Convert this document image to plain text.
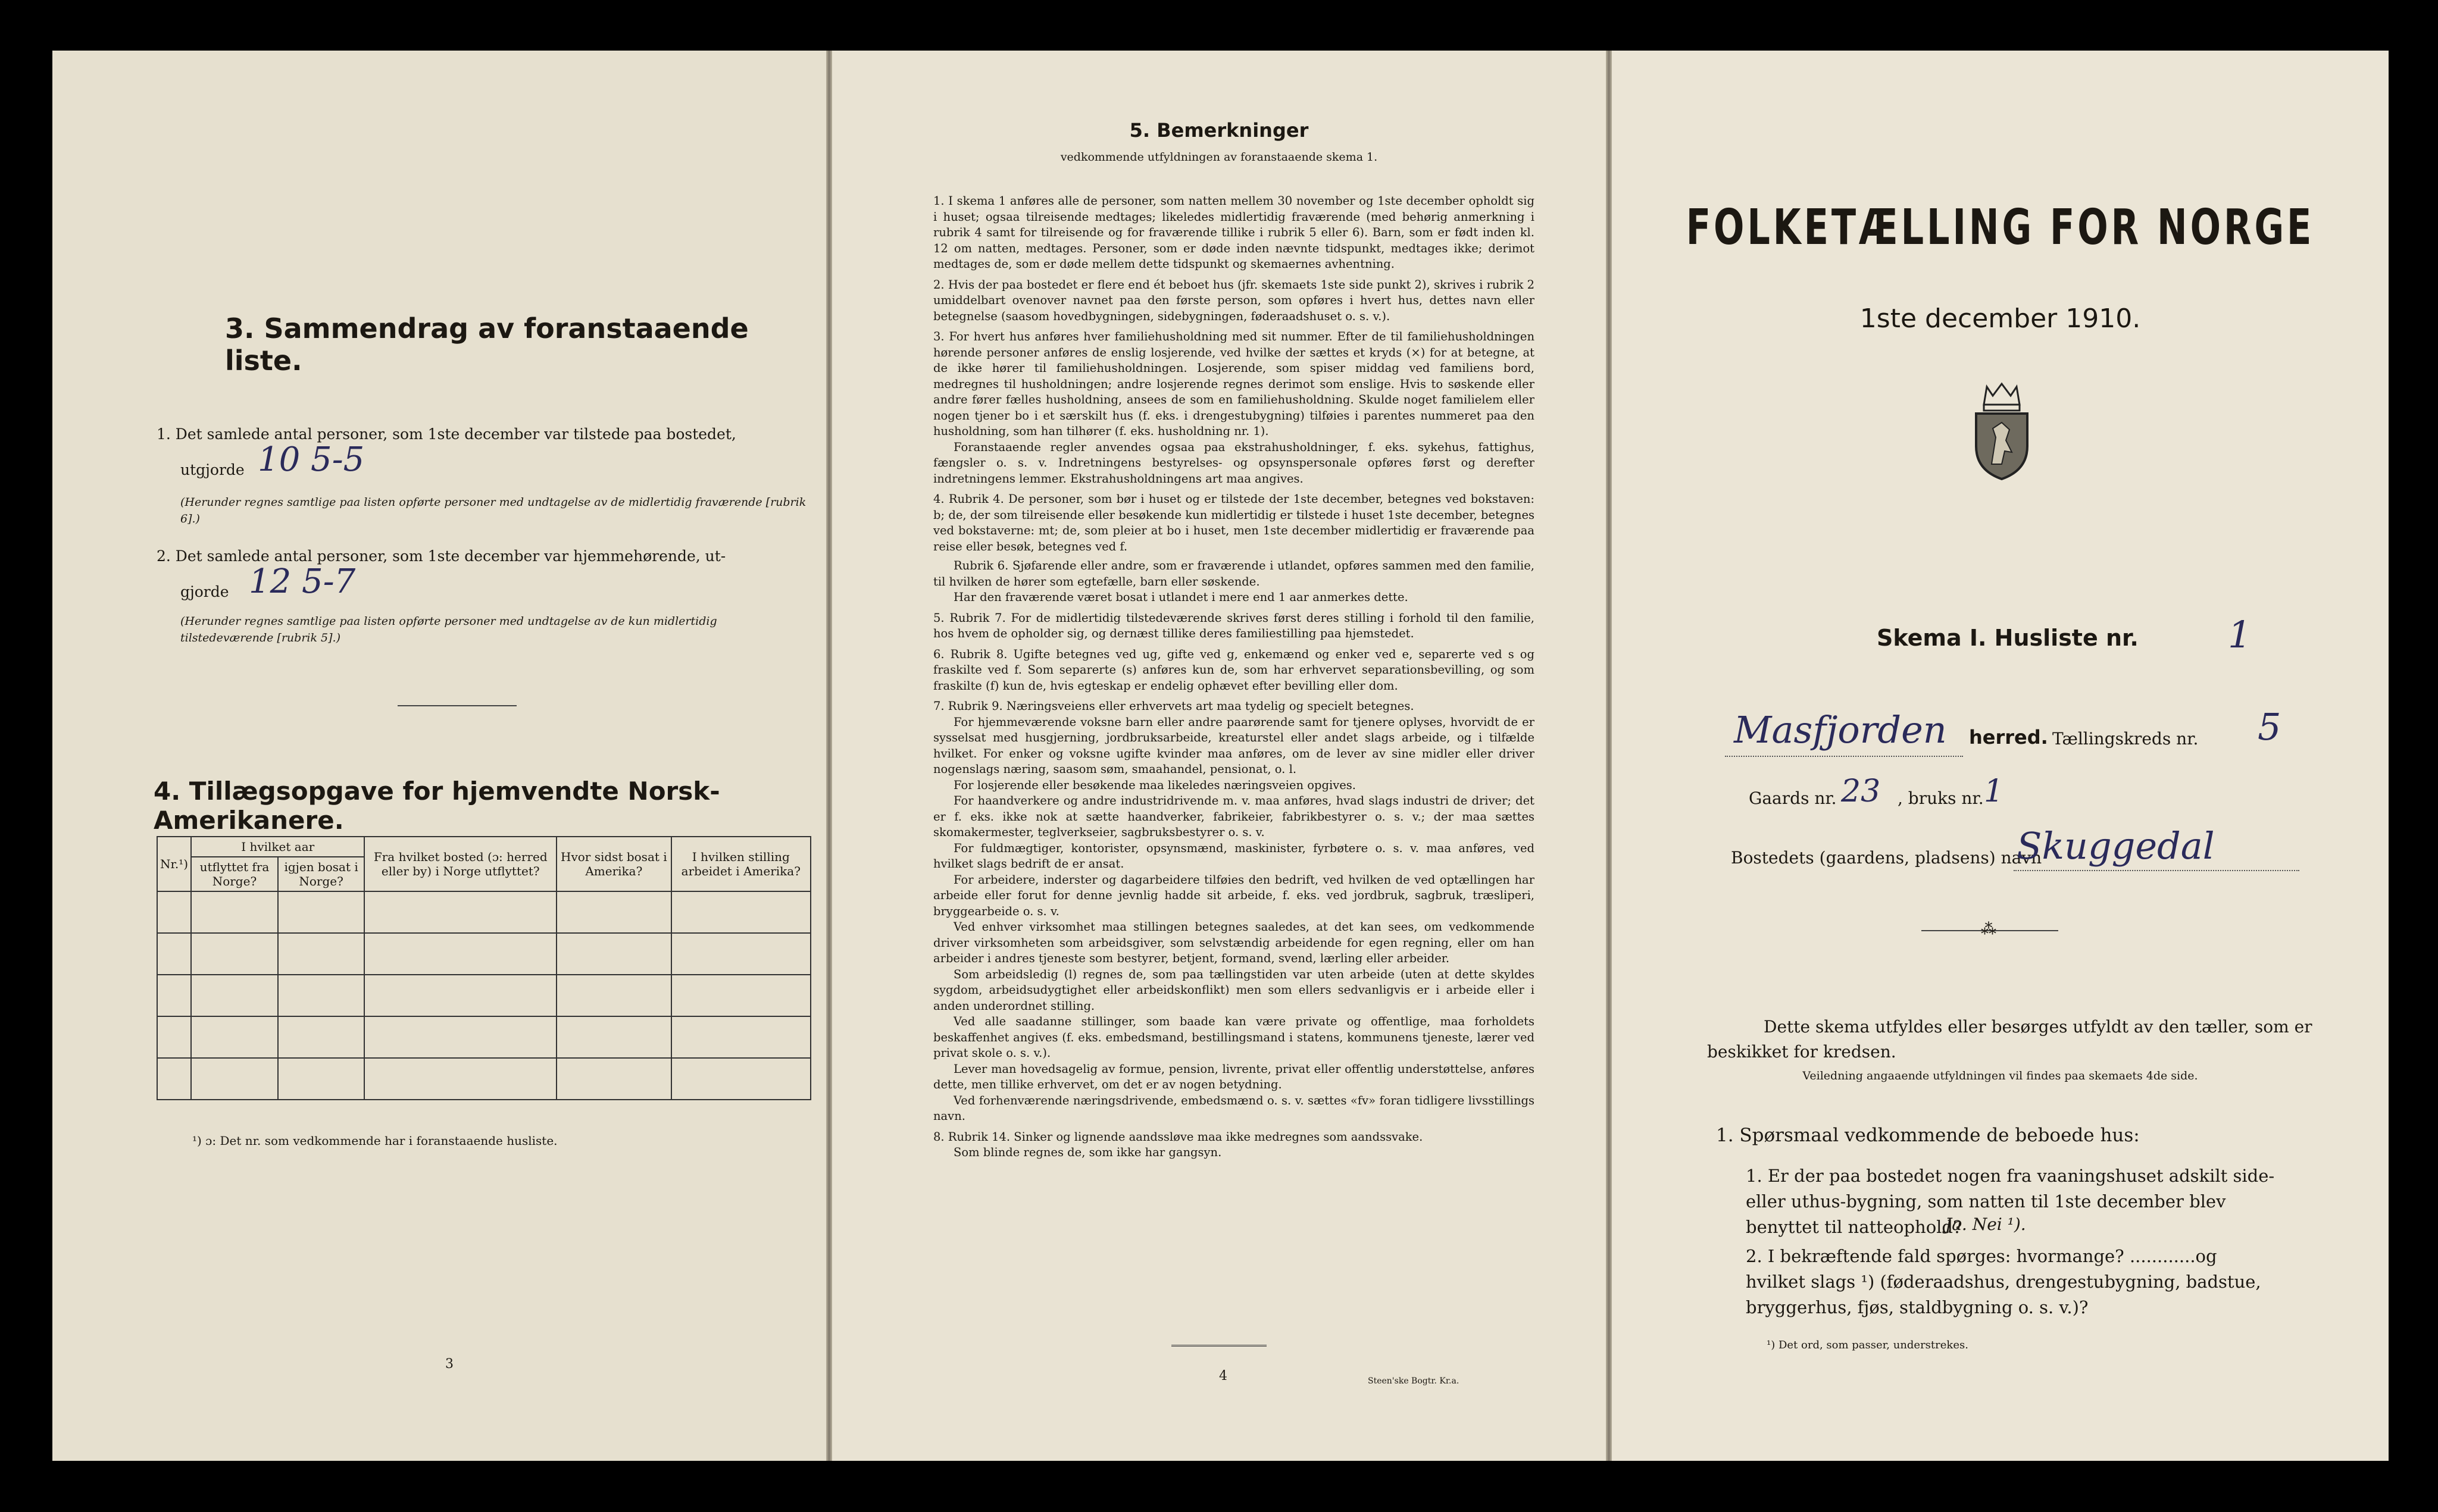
3. Sammendrag av foranstaaende liste.
1. Det samlede antal personer, som 1ste december var tilstede paa bostedet,
utgjorde 10 5-5
(Herunder regnes samtlige paa listen opførte personer med undtagelse av de midlertidig fraværende [rubrik 6].)
2. Det samlede antal personer, som 1ste december var hjemmehørende, ut-
gjorde 12 5-7
(Herunder regnes samtlige paa listen opførte personer med undtagelse av de kun midlertidig tilstedeværende [rubrik 5].)
4. Tillægsopgave for hjemvendte Norsk-Amerikanere.
Nr.¹)	I hvilket aar		Fra hvilket bosted (ɔ: herred eller by) i Norge utflyttet?	Hvor sidst bosat i Amerika?	I hvilken stilling arbeidet i Amerika?
	utflyttet fra Norge?	igjen bosat i Norge?			

¹) ɔ: Det nr. som vedkommende har i foranstaaende husliste.
3
5. Bemerkninger
vedkommende utfyldningen av foranstaaende skema 1.

1. I skema 1 anføres alle de personer, som natten mellem 30 november og 1ste december opholdt sig i huset; ogsaa tilreisende medtages; likeledes midlertidig fraværende (med behørig anmerkning i rubrik 4 samt for tilreisende og for fraværende tillike i rubrik 5 eller 6). Barn, som er født inden kl. 12 om natten, medtages. Personer, som er døde inden nævnte tidspunkt, medtages ikke; derimot medtages de, som er døde mellem dette tidspunkt og skemaernes avhentning.

2. Hvis der paa bostedet er flere end ét beboet hus (jfr. skemaets 1ste side punkt 2), skrives i rubrik 2 umiddelbart ovenover navnet paa den første person, som opføres i hvert hus, dettes navn eller betegnelse (saasom hovedbygningen, sidebygningen, føderaadshuset o. s. v.).

3. For hvert hus anføres hver familiehusholdning med sit nummer. Efter de til familiehusholdningen hørende personer anføres de enslig losjerende, ved hvilke der sættes et kryds (×) for at betegne, at de ikke hører til familiehusholdningen. Losjerende, som spiser middag ved familiens bord, medregnes til husholdningen; andre losjerende regnes derimot som enslige. Hvis to søskende eller andre fører fælles husholdning, ansees de som en familiehusholdning. Skulde noget familielem eller nogen tjener bo i et særskilt hus (f. eks. i drengestubygning) tilføies i parentes nummeret paa den husholdning, som han tilhører (f. eks. husholdning nr. 1).

Foranstaaende regler anvendes ogsaa paa ekstrahusholdninger, f. eks. sykehus, fattighus, fængsler o. s. v. Indretningens bestyrelses- og opsynspersonale opføres først og derefter indretningens lemmer. Ekstrahusholdningens art maa angives.

4. Rubrik 4. De personer, som bør i huset og er tilstede der 1ste december, betegnes ved bokstaven: b; de, der som tilreisende eller besøkende kun midlertidig er tilstede i huset 1ste december, betegnes ved bokstaverne: mt; de, som pleier at bo i huset, men 1ste december midlertidig er fraværende paa reise eller besøk, betegnes ved f.

Rubrik 6. Sjøfarende eller andre, som er fraværende i utlandet, opføres sammen med den familie, til hvilken de hører som egtefælle, barn eller søskende.

Har den fraværende været bosat i utlandet i mere end 1 aar anmerkes dette.

5. Rubrik 7. For de midlertidig tilstedeværende skrives først deres stilling i forhold til den familie, hos hvem de opholder sig, og dernæst tillike deres familiestilling paa hjemstedet.

6. Rubrik 8. Ugifte betegnes ved ug, gifte ved g, enkemænd og enker ved e, separerte ved s og fraskilte ved f. Som separerte (s) anføres kun de, som har erhvervet separationsbevilling, og som fraskilte (f) kun de, hvis egteskap er endelig ophævet efter bevilling eller dom.

7. Rubrik 9. Næringsveiens eller erhvervets art maa tydelig og specielt betegnes.

For hjemmeværende voksne barn eller andre paarørende samt for tjenere oplyses, hvorvidt de er sysselsat med husgjerning, jordbruksarbeide, kreaturstel eller andet slags arbeide, og i tilfælde hvilket. For enker og voksne ugifte kvinder maa anføres, om de lever av sine midler eller driver nogenslags næring, saasom søm, smaahandel, pensionat, o. l.

For losjerende eller besøkende maa likeledes næringsveien opgives.

For haandverkere og andre industridrivende m. v. maa anføres, hvad slags industri de driver; det er f. eks. ikke nok at sætte haandverker, fabrikeier, fabrikbestyrer o. s. v.; der maa sættes skomakermester, teglverkseier, sagbruksbestyrer o. s. v.

For fuldmægtiger, kontorister, opsynsmænd, maskinister, fyrbøtere o. s. v. maa anføres, ved hvilket slags bedrift de er ansat.

For arbeidere, inderster og dagarbeidere tilføies den bedrift, ved hvilken de ved optællingen har arbeide eller forut for denne jevnlig hadde sit arbeide, f. eks. ved jordbruk, sagbruk, træsliperi, bryggearbeide o. s. v.

Ved enhver virksomhet maa stillingen betegnes saaledes, at det kan sees, om vedkommende driver virksomheten som arbeidsgiver, som selvstændig arbeidende for egen regning, eller om han arbeider i andres tjeneste som bestyrer, betjent, formand, svend, lærling eller arbeider.

Som arbeidsledig (l) regnes de, som paa tællingstiden var uten arbeide (uten at dette skyldes sygdom, arbeidsudygtighet eller arbeidskonflikt) men som ellers sedvanligvis er i arbeide eller i anden underordnet stilling.

Ved alle saadanne stillinger, som baade kan være private og offentlige, maa forholdets beskaffenhet angives (f. eks. embedsmand, bestillingsmand i statens, kommunens tjeneste, lærer ved privat skole o. s. v.).

Lever man hovedsagelig av formue, pension, livrente, privat eller offentlig understøttelse, anføres dette, men tillike erhvervet, om det er av nogen betydning.

Ved forhenværende næringsdrivende, embedsmænd o. s. v. sættes «fv» foran tidligere livsstillings navn.

8. Rubrik 14. Sinker og lignende aandssløve maa ikke medregnes som aandssvake.

Som blinde regnes de, som ikke har gangsyn.

4	Steen'ske Bogtr. Kr.a.
FOLKETÆLLING FOR NORGE
1ste december 1910.
Skema I. Husliste nr. 1
Masfjorden herred. Tællingskreds nr. 5
Gaards nr. 23 , bruks nr. 1
Bostedets (gaardens, pladsens) navn
Skuggedal
⁂
Dette skema utfyldes eller besørges utfyldt av den tæller, som er beskikket for kredsen.
Veiledning angaaende utfyldningen vil findes paa skemaets 4de side.
1. Spørsmaal vedkommende de beboede hus:
1. Er der paa bostedet nogen fra vaaningshuset adskilt side- eller uthus-bygning, som natten til 1ste december blev benyttet til natteophold?
Ja. Nei ¹).
2. I bekræftende fald spørges: hvormange? ............og hvilket slags ¹) (føderaadshus, drengestubygning, badstue, bryggerhus, fjøs, staldbygning o. s. v.)?
¹) Det ord, som passer, understrekes.
